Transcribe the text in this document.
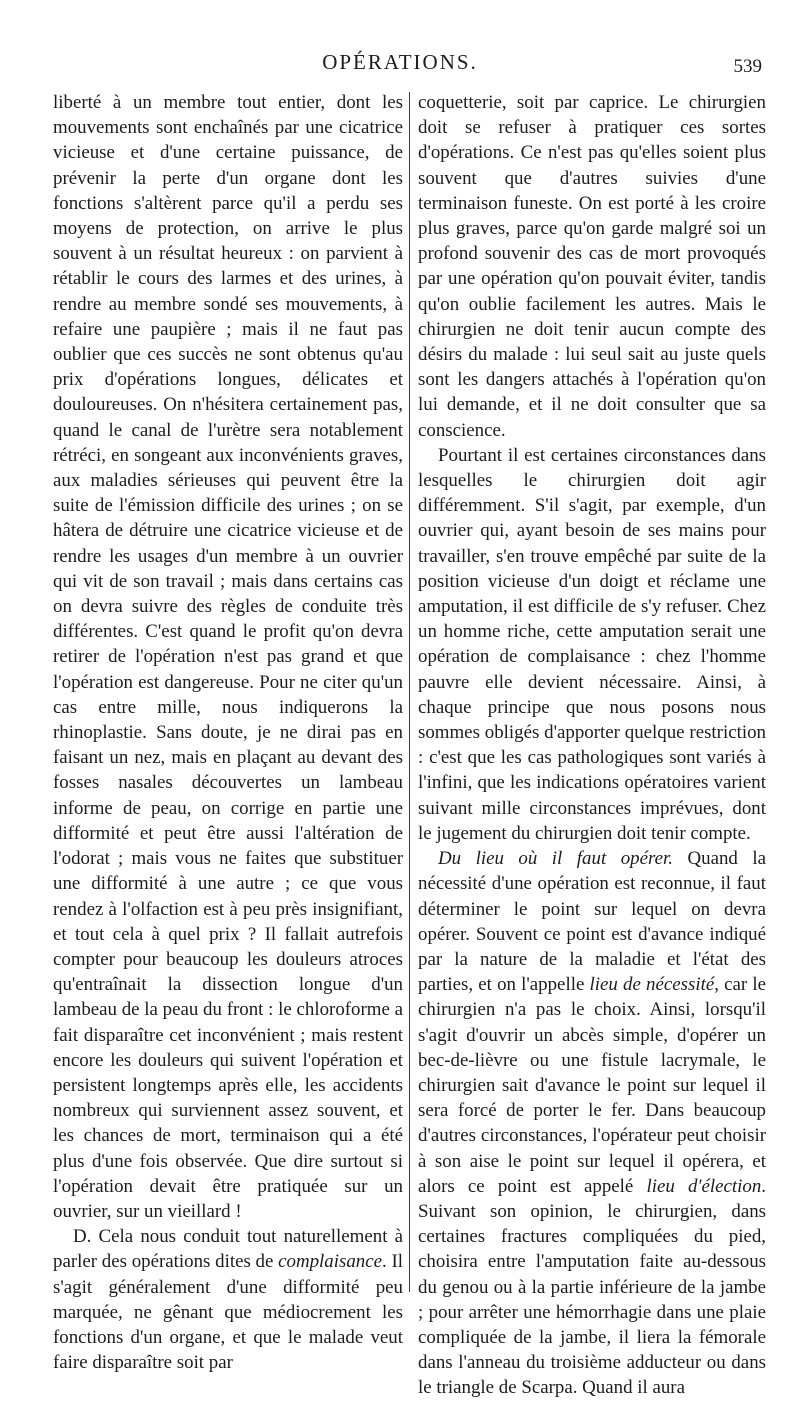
OPÉRATIONS.	539

liberté à un membre tout entier, dont les mouvements sont enchaînés par une cicatrice vicieuse et d'une certaine puissance, de prévenir la perte d'un organe dont les fonctions s'altèrent parce qu'il a perdu ses moyens de protection, on arrive le plus souvent à un résultat heureux : on parvient à rétablir le cours des larmes et des urines, à rendre au membre sondé ses mouvements, à refaire une paupière ; mais il ne faut pas oublier que ces succès ne sont obtenus qu'au prix d'opérations longues, délicates et douloureuses. On n'hésitera certainement pas, quand le canal de l'urètre sera notablement rétréci, en songeant aux inconvénients graves, aux maladies sérieuses qui peuvent être la suite de l'émission difficile des urines ; on se hâtera de détruire une cicatrice vicieuse et de rendre les usages d'un membre à un ouvrier qui vit de son travail ; mais dans certains cas on devra suivre des règles de conduite très différentes. C'est quand le profit qu'on devra retirer de l'opération n'est pas grand et que l'opération est dangereuse. Pour ne citer qu'un cas entre mille, nous indiquerons la rhinoplastie. Sans doute, je ne dirai pas en faisant un nez, mais en plaçant au devant des fosses nasales découvertes un lambeau informe de peau, on corrige en partie une difformité et peut être aussi l'altération de l'odorat ; mais vous ne faites que substituer une difformité à une autre ; ce que vous rendez à l'olfaction est à peu près insignifiant, et tout cela à quel prix ? Il fallait autrefois compter pour beaucoup les douleurs atroces qu'entraînait la dissection longue d'un lambeau de la peau du front : le chloroforme a fait disparaître cet inconvénient ; mais restent encore les douleurs qui suivent l'opération et persistent longtemps après elle, les accidents nombreux qui surviennent assez souvent, et les chances de mort, terminaison qui a été plus d'une fois observée. Que dire surtout si l'opération devait être pratiquée sur un ouvrier, sur un vieillard !

D. Cela nous conduit tout naturellement à parler des opérations dites de complaisance. Il s'agit généralement d'une difformité peu marquée, ne gênant que médiocrement les fonctions d'un organe, et que le malade veut faire disparaître soit par

coquetterie, soit par caprice. Le chirurgien doit se refuser à pratiquer ces sortes d'opérations. Ce n'est pas qu'elles soient plus souvent que d'autres suivies d'une terminaison funeste. On est porté à les croire plus graves, parce qu'on garde malgré soi un profond souvenir des cas de mort provoqués par une opération qu'on pouvait éviter, tandis qu'on oublie facilement les autres. Mais le chirurgien ne doit tenir aucun compte des désirs du malade : lui seul sait au juste quels sont les dangers attachés à l'opération qu'on lui demande, et il ne doit consulter que sa conscience.

Pourtant il est certaines circonstances dans lesquelles le chirurgien doit agir différemment. S'il s'agit, par exemple, d'un ouvrier qui, ayant besoin de ses mains pour travailler, s'en trouve empêché par suite de la position vicieuse d'un doigt et réclame une amputation, il est difficile de s'y refuser. Chez un homme riche, cette amputation serait une opération de complaisance : chez l'homme pauvre elle devient nécessaire. Ainsi, à chaque principe que nous posons nous sommes obligés d'apporter quelque restriction : c'est que les cas pathologiques sont variés à l'infini, que les indications opératoires varient suivant mille circonstances imprévues, dont le jugement du chirurgien doit tenir compte.

Du lieu où il faut opérer. Quand la nécessité d'une opération est reconnue, il faut déterminer le point sur lequel on devra opérer. Souvent ce point est d'avance indiqué par la nature de la maladie et l'état des parties, et on l'appelle lieu de nécessité, car le chirurgien n'a pas le choix. Ainsi, lorsqu'il s'agit d'ouvrir un abcès simple, d'opérer un bec-de-lièvre ou une fistule lacrymale, le chirurgien sait d'avance le point sur lequel il sera forcé de porter le fer. Dans beaucoup d'autres circonstances, l'opérateur peut choisir à son aise le point sur lequel il opérera, et alors ce point est appelé lieu d'élection. Suivant son opinion, le chirurgien, dans certaines fractures compliquées du pied, choisira entre l'amputation faite au-dessous du genou ou à la partie inférieure de la jambe ; pour arrêter une hémorrhagie dans une plaie compliquée de la jambe, il liera la fémorale dans l'anneau du troisième adducteur ou dans le triangle de Scarpa. Quand il aura
